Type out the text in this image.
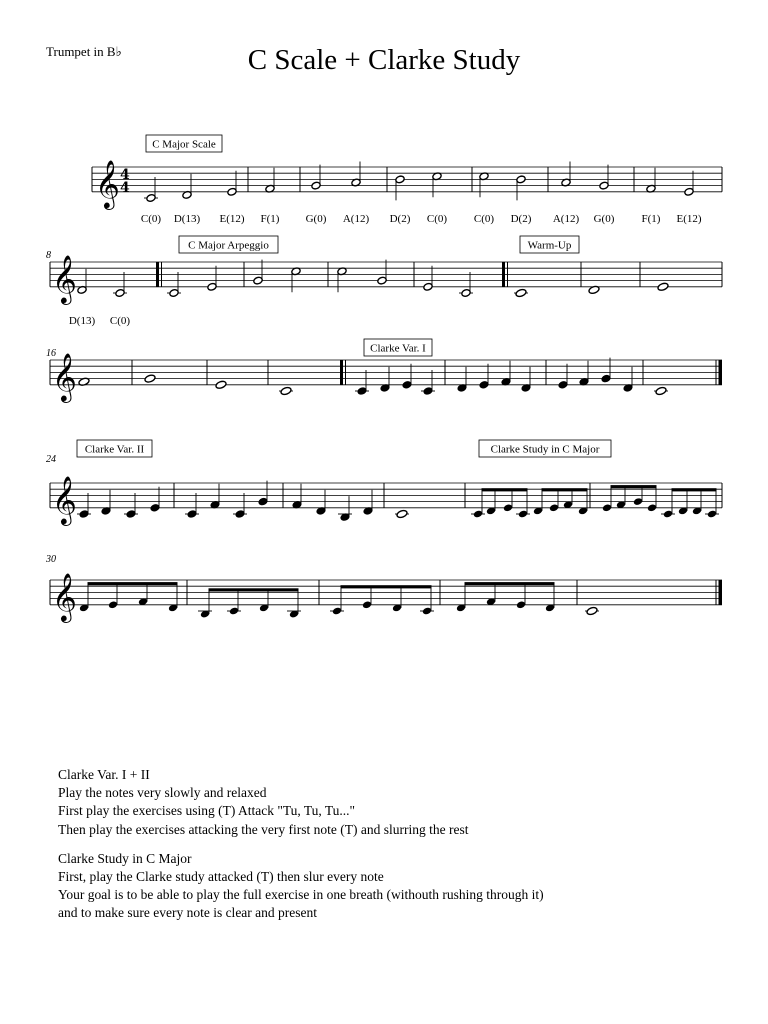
Trumpet in B♭	C Scale + Clarke Study
𝄞 4
4
𝄞
𝄞
𝄞
𝄞
8
16
24
30
C Major Scale
C Major Arpeggio	Warm-Up
Clarke Var. I
Clarke Var. II	Clarke Study in C Major
C(0) D(13) E(12) F(1) G(0) A(12) D(2) C(0) C(0) D(2) A(12) G(0) F(1) E(12)
D(13) C(0)

Clarke Var. I + II
Play the notes very slowly and relaxed
First play the exercises using (T) Attack "Tu, Tu, Tu..."
Then play the exercises attacking the very first note (T) and slurring the rest

Clarke Study in C Major
First, play the Clarke study attacked (T) then slur every note
Your goal is to be able to play the full exercise in one breath (withouth rushing through it)
and to make sure every note is clear and present
